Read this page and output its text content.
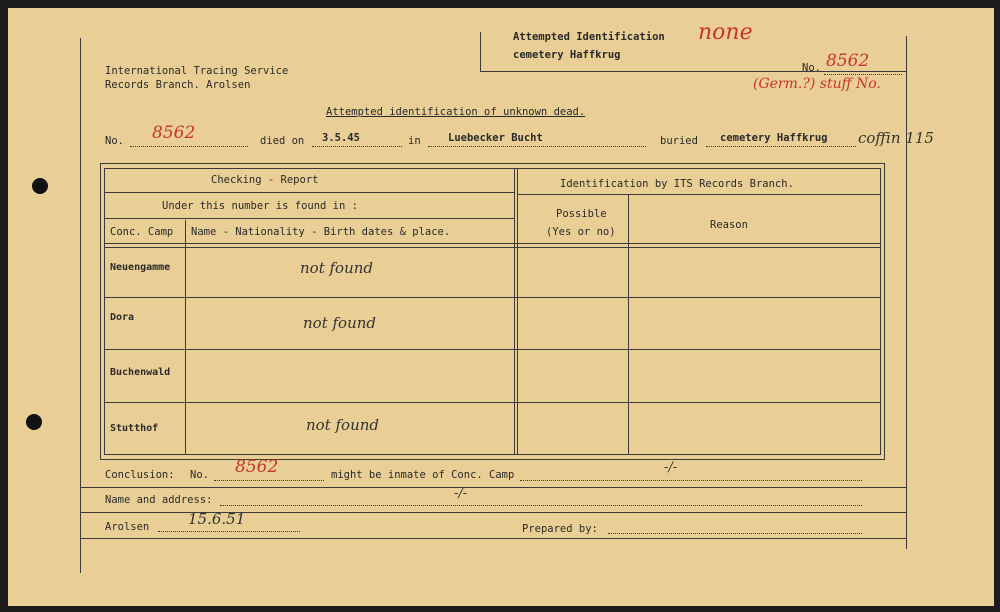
Attempted Identification
cemetery Haffkrug
none
No. 8562
(Germ.?) stuff No.
International Tracing Service
Records Branch. Arolsen
Attempted identification of unknown dead.
No. 8562	died on 3.5.45	in	Luebecker Bucht	buried cemetery Haffkrug coffin 115
Checking - Report
Under this number is found in :
Conc. Camp Name - Nationality - Birth dates & place.
Identification by ITS Records Branch.
Possible
(Yes or no)
Reason
Neuengamme	not found
Dora	not found
Buchenwald
Stutthof	not found
Conclusion: No. 8562	might be inmate of Conc. Camp	-/-
Name and address:	-/-
Arolsen	15.6.51
Prepared by:
